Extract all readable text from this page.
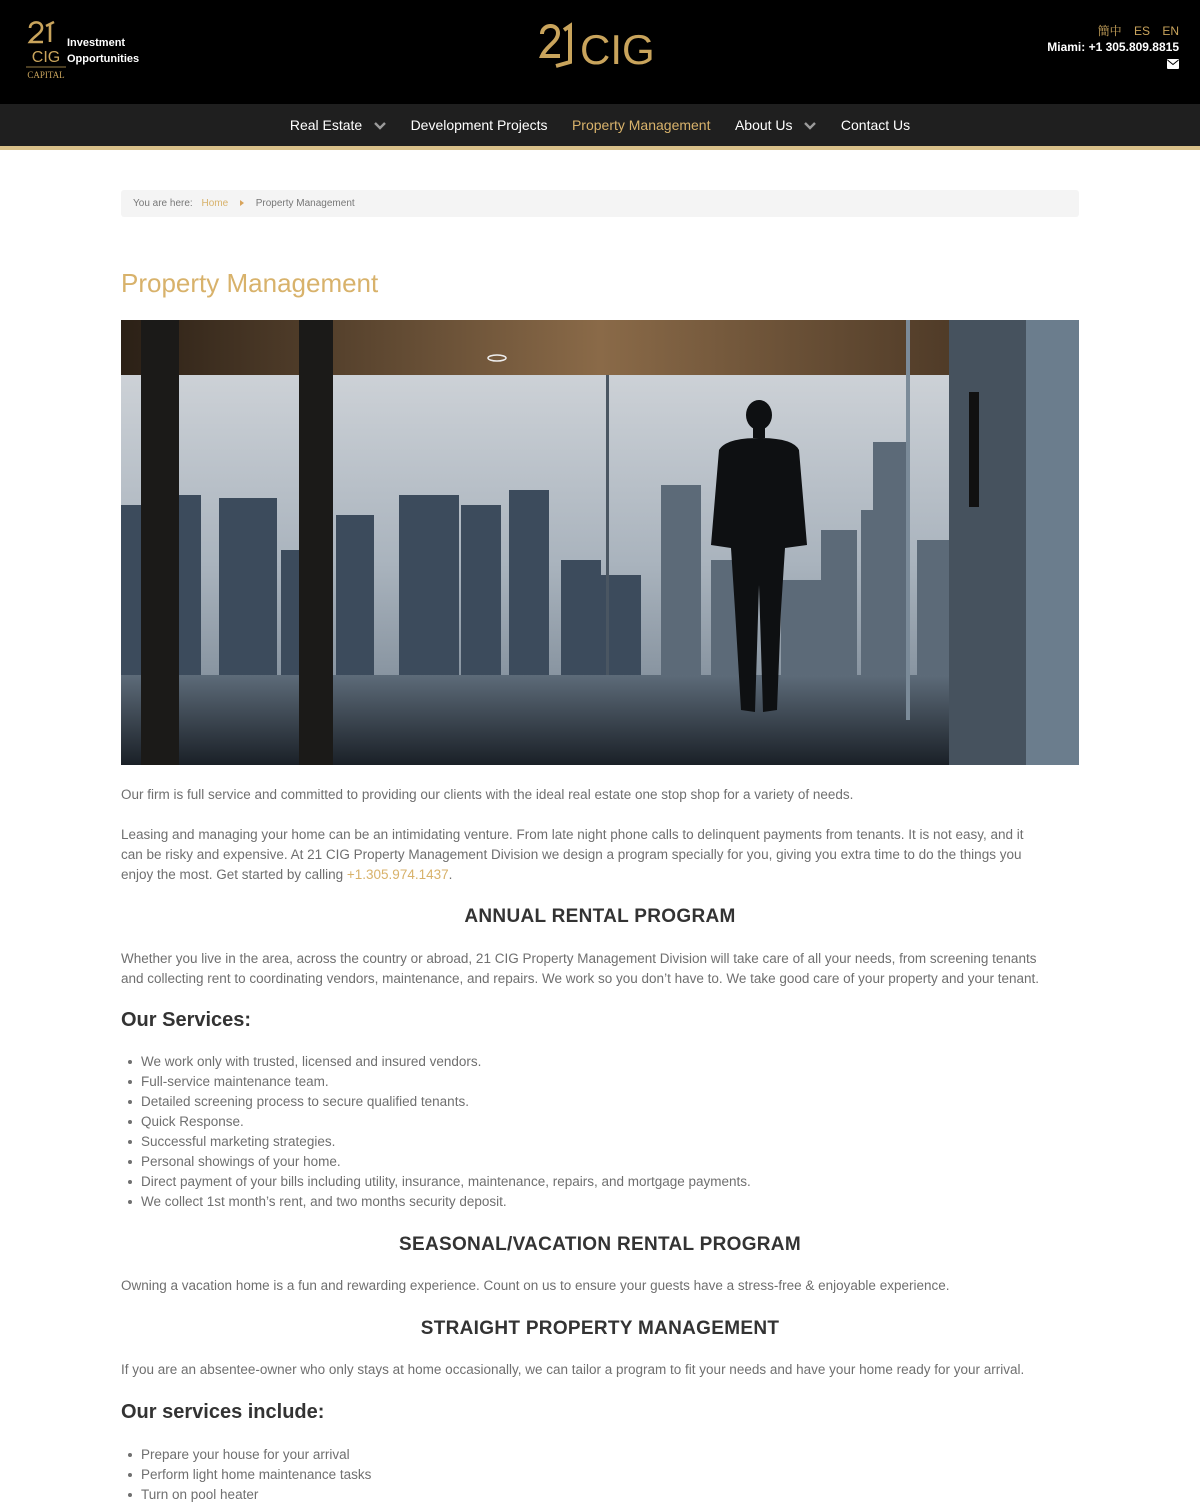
CIG
CAPITAL
Investment
Opportunities	CIG	簡中 ES EN
Miami: +1 305.809.8815
Real Estate	Development Projects Property Management About Us	Contact Us
You are here: Home	Property Management
Property Management
Our firm is full service and committed to providing our clients with the ideal real estate one stop shop for a variety of needs.
Leasing and managing your home can be an intimidating venture. From late night phone calls to delinquent payments from tenants. It is not easy, and it
can be risky and expensive. At 21 CIG Property Management Division we design a program specially for you, giving you extra time to do the things you
enjoy the most. Get started by calling +1.305.974.1437.
ANNUAL RENTAL PROGRAM
Whether you live in the area, across the country or abroad, 21 CIG Property Management Division will take care of all your needs, from screening tenants
and collecting rent to coordinating vendors, maintenance, and repairs. We work so you don’t have to. We take good care of your property and your tenant.
Our Services:
We work only with trusted, licensed and insured vendors.
Full-service maintenance team.
Detailed screening process to secure qualified tenants.
Quick Response.
Successful marketing strategies.
Personal showings of your home.
Direct payment of your bills including utility, insurance, maintenance, repairs, and mortgage payments.
We collect 1st month’s rent, and two months security deposit.
SEASONAL/VACATION RENTAL PROGRAM
Owning a vacation home is a fun and rewarding experience. Count on us to ensure your guests have a stress-free & enjoyable experience.
STRAIGHT PROPERTY MANAGEMENT
If you are an absentee-owner who only stays at home occasionally, we can tailor a program to fit your needs and have your home ready for your arrival.
Our services include:
Prepare your house for your arrival
Perform light home maintenance tasks
Turn on pool heater
